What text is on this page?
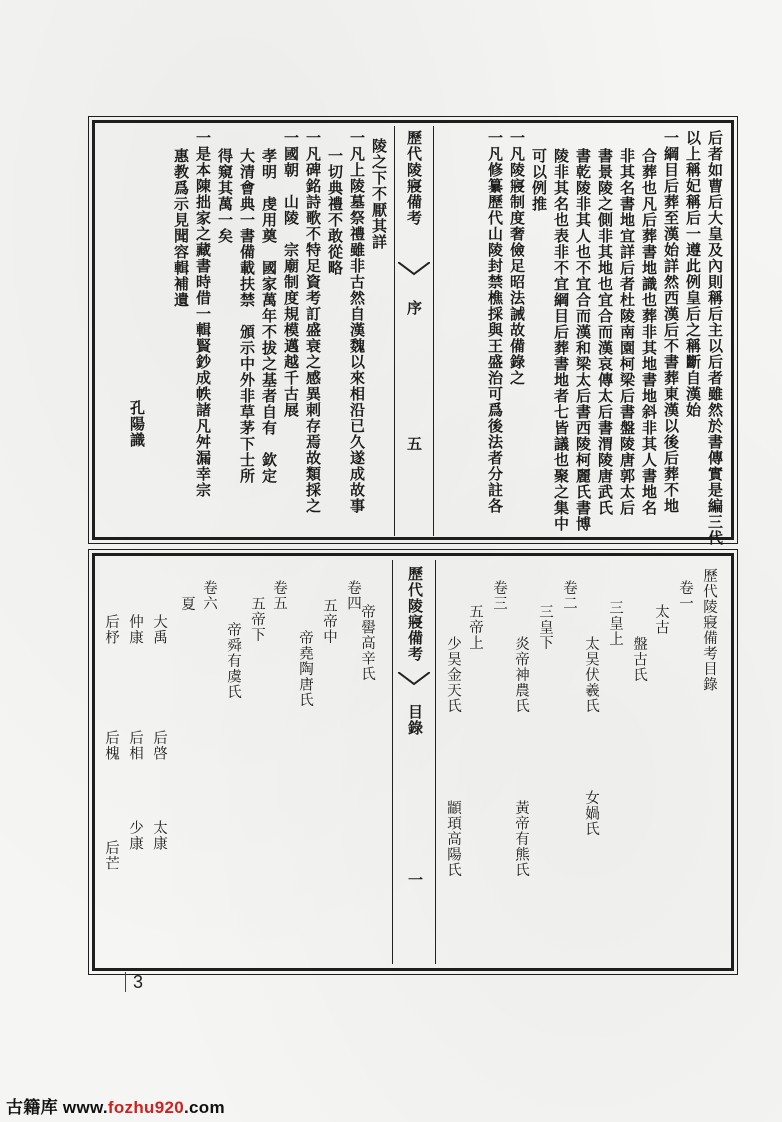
歷代陵寢備考
序
五	后者如曹后大皇及內則稱后主以后者雖然於書傳實是編三代
以上稱妃稱后一遵此例皇后之稱斷自漢始
一綱目后葬至漢始詳然西漢后不書葬東漢以後后葬不地
合葬也凡后葬書地識也葬非其地書地斜非其人書地名
非其名書地宜詳后者杜陵南園柯梁后書盤陵唐郭太后
書景陵之側非其地也宜合而漢哀傳太后書渭陵唐武氏
書乾陵非其人也不宜合而漢和梁太后書西陵柯麗氏書博
陵非其名也表非不宜綱目后葬書地者七皆議也聚之集中
可以例推
一凡陵寢制度奢儉足昭法誡故備錄之
一凡修纂歷代山陵封禁樵採與王盛治可爲後法者分註各
陵之下不厭其詳
一凡上陵墓祭禮雖非古然自漢魏以來相沿已久遂成故事
一切典禮不敢從略
一凡碑銘詩歌不特足資考訂盛衰之感異刺存焉故類採之
一國朝　山陵　宗廟制度規模邁越千古展
孝明　虔用奠　國家萬年不拔之基者自有　欽定
大清會典一書備載扶禁　頒示中外非草茅下士所
得窺其萬一矣
一是本陳拙家之藏書時借一輯賢鈔成帙諸凡舛漏幸宗
惠教爲示見聞容輯補遺
孔陽識
歷代陵寢備考
目錄
一
歷代陵寢備考目錄
卷一
太古
盤古氏
三皇上
太昊伏羲氏
女媧氏
卷二
三皇下
炎帝神農氏
黃帝有熊氏
卷三
五帝上
少昊金天氏
顓頊高陽氏
卷四
帝嚳高辛氏
五帝中
帝堯陶唐氏
卷五
五帝下
帝舜有虞氏
卷六
夏
大禹
后啓
太康
仲康
后相
少康
后杼
后槐
后芒
3
古籍库 www.fozhu920.com
